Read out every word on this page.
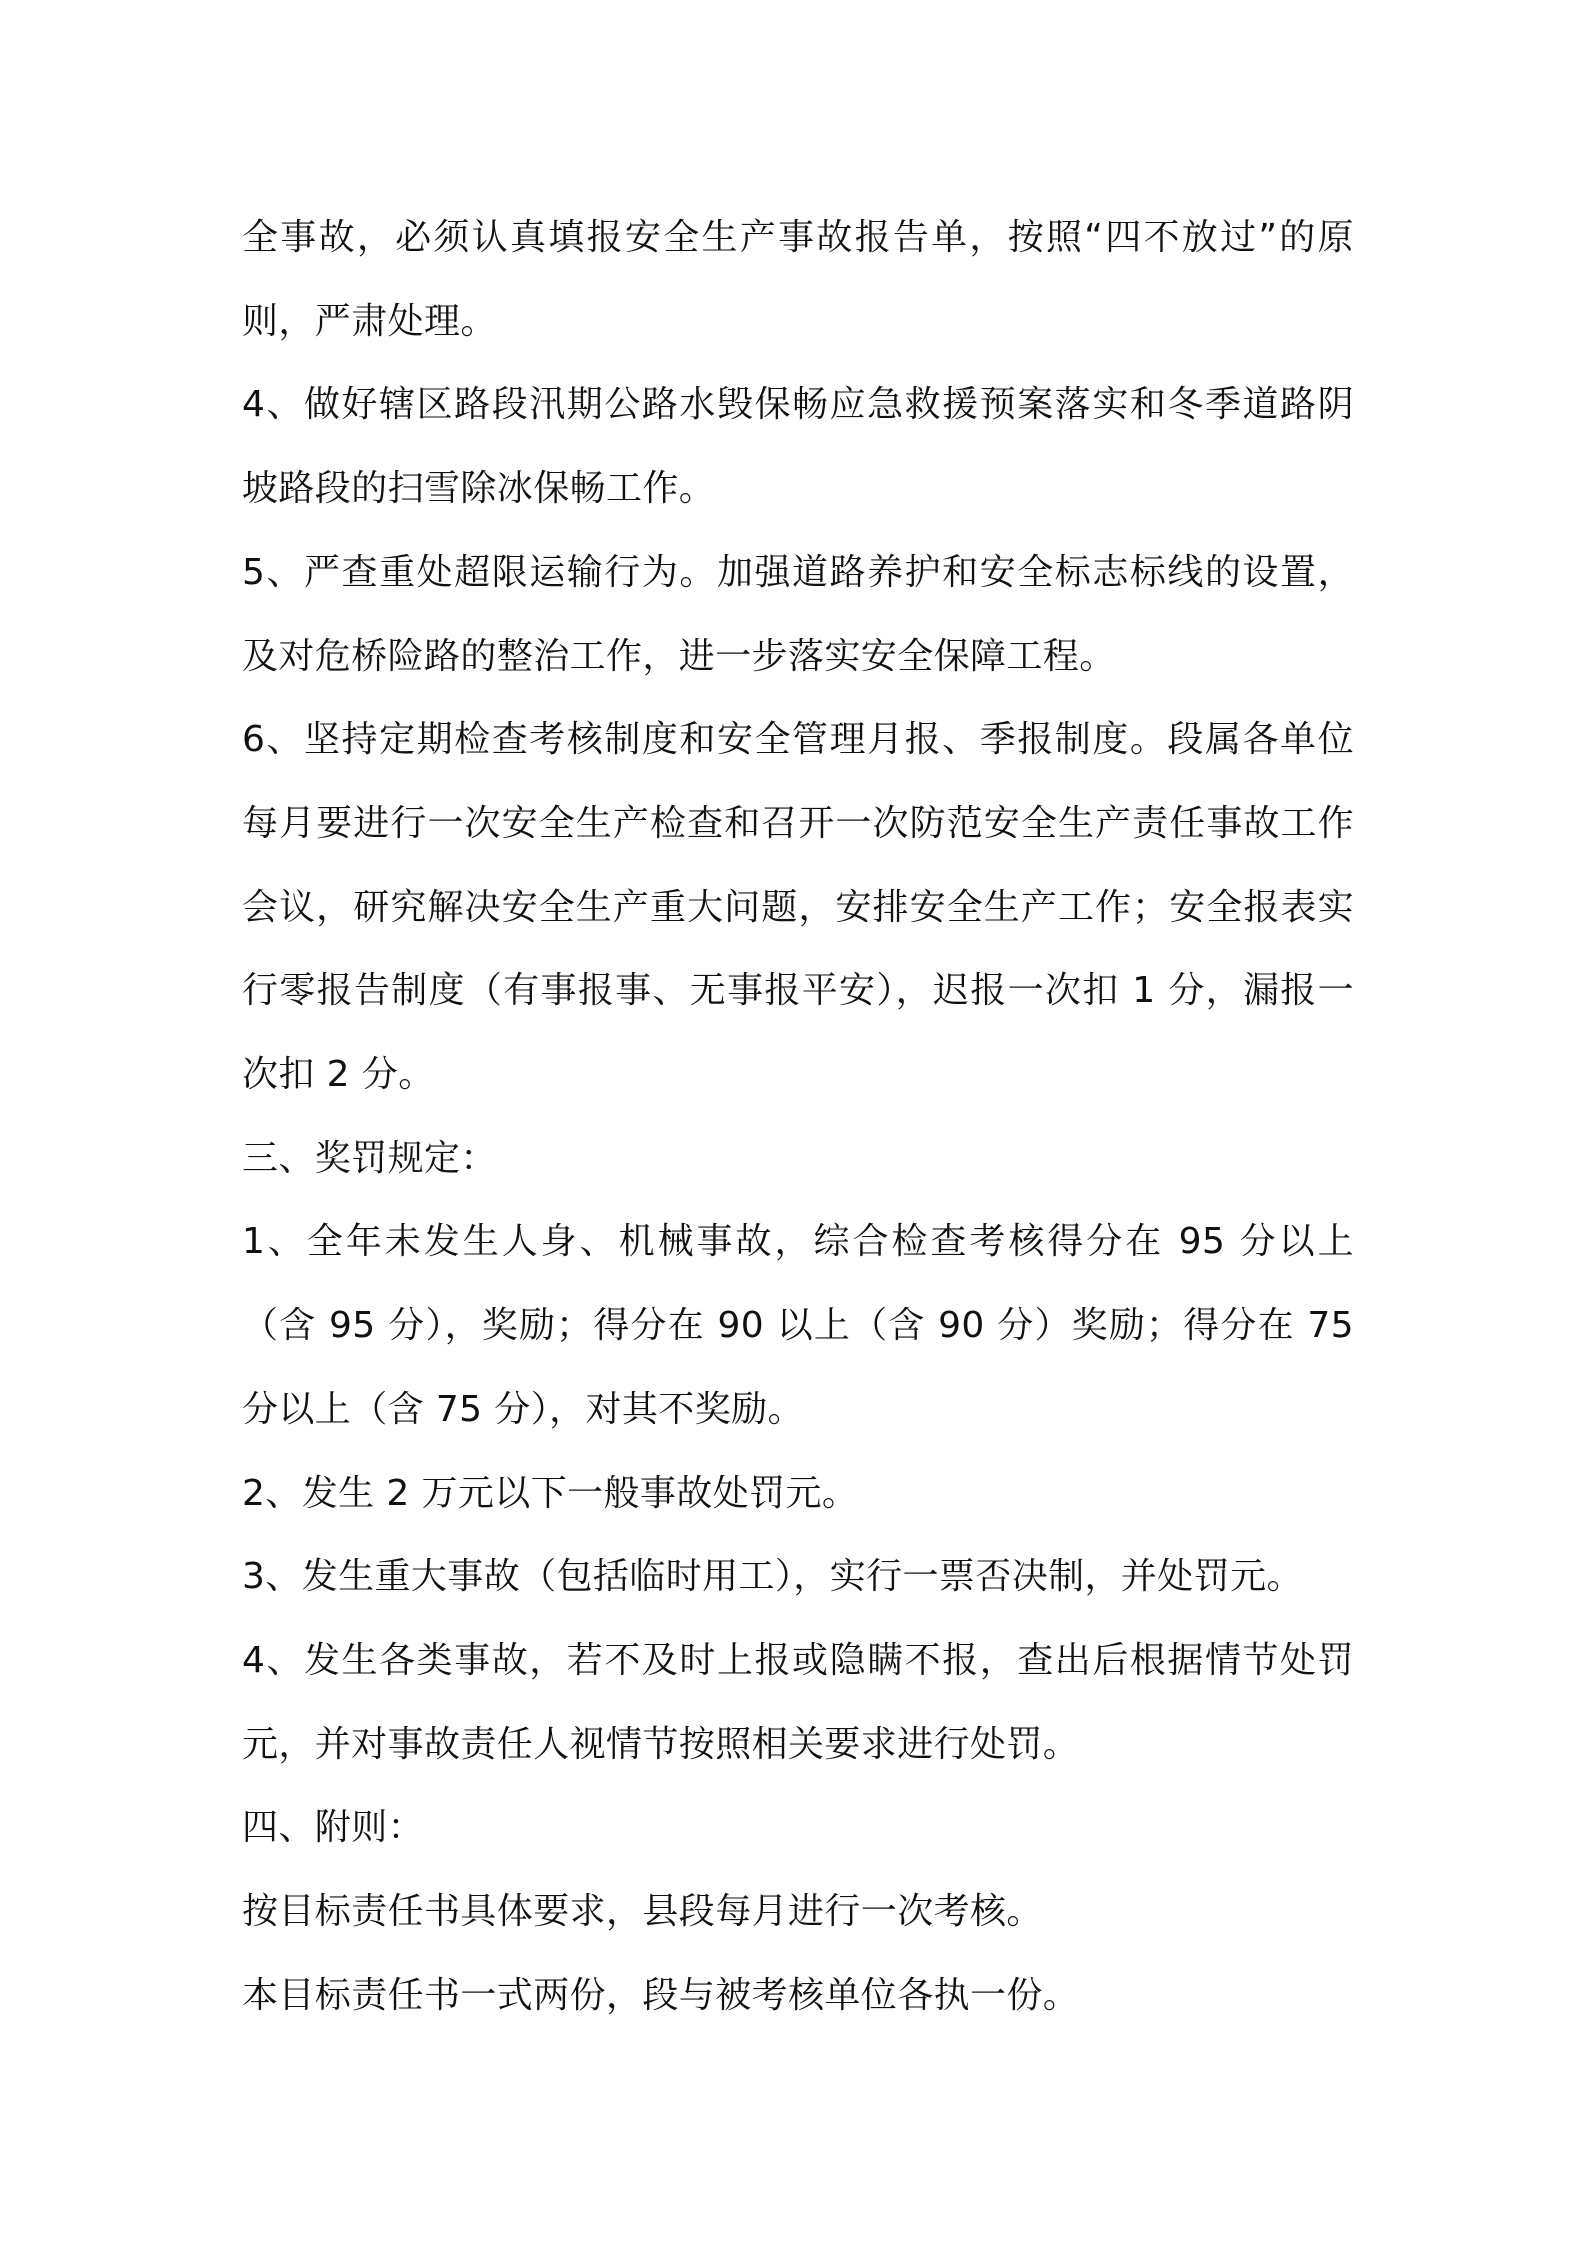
全事故，必须认真填报安全生产事故报告单，按照“四不放过”的原则，严肃处理。

4、做好辖区路段汛期公路水毁保畅应急救援预案落实和冬季道路阴坡路段的扫雪除冰保畅工作。

5、严查重处超限运输行为。加强道路养护和安全标志标线的设置，及对危桥险路的整治工作，进一步落实安全保障工程。

6、坚持定期检查考核制度和安全管理月报、季报制度。段属各单位每月要进行一次安全生产检查和召开一次防范安全生产责任事故工作会议，研究解决安全生产重大问题，安排安全生产工作；安全报表实行零报告制度（有事报事、无事报平安），迟报一次扣 1 分，漏报一次扣 2 分。

三、奖罚规定：

1、全年未发生人身、机械事故，综合检查考核得分在 95 分以上（含 95 分），奖励；得分在 90 以上（含 90 分）奖励；得分在 75 分以上（含 75 分），对其不奖励。

2、发生 2 万元以下一般事故处罚元。

3、发生重大事故（包括临时用工），实行一票否决制，并处罚元。

4、发生各类事故，若不及时上报或隐瞒不报，查出后根据情节处罚元，并对事故责任人视情节按照相关要求进行处罚。

四、附则：

按目标责任书具体要求，县段每月进行一次考核。

本目标责任书一式两份，段与被考核单位各执一份。
